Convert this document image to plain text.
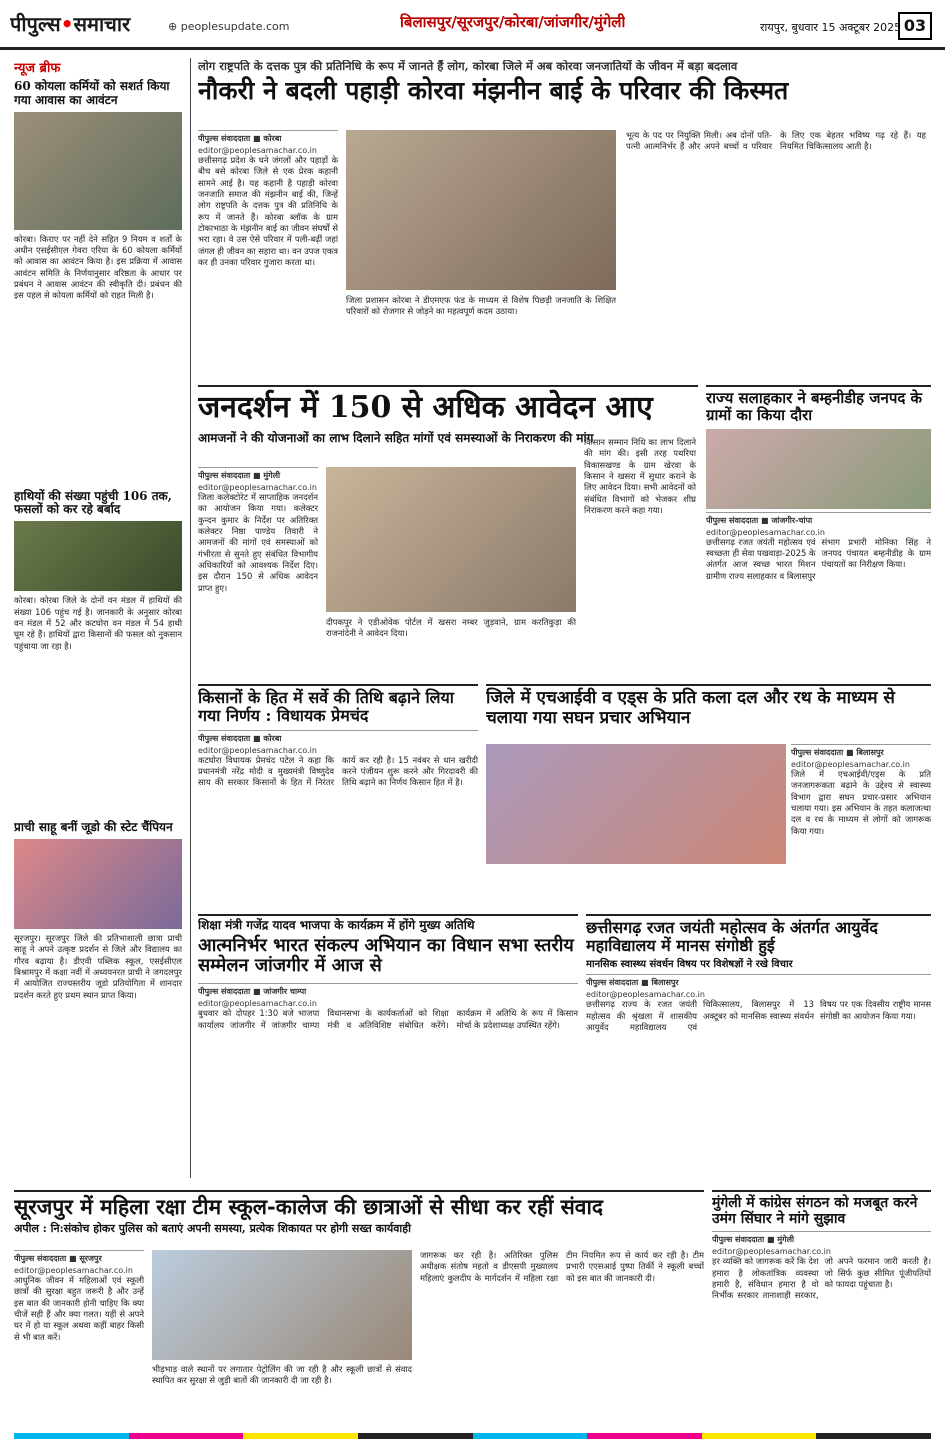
पीपुल्स•समाचार	⊕ peoplesupdate.com	बिलासपुर/सूरजपुर/कोरबा/जांजगीर/मुंगेली	रायपुर, बुधवार 15 अक्टूबर 2025 03
न्यूज ब्रीफ
60 कोयला कर्मियों को सशर्त किया गया आवास का आवंटन
कोरबा। किराए पर नहीं देने सहित 9 नियम व शर्तों के अधीन एसईसीएल गेवरा एरिया के 60 कोयला कर्मियों को आवास का आवंटन किया है। इस प्रक्रिया में आवास आवंटन समिति के निर्णयानुसार वरिष्ठता के आधार पर प्रबंधन ने आवास आवंटन की स्वीकृति दी। प्रबंधन की इस पहल से कोयला कर्मियों को राहत मिली है।
हाथियों की संख्या पहुंची 106 तक, फसलों को कर रहे बर्बाद
कोरबा। कोरबा जिले के दोनों वन मंडल में हाथियों की संख्या 106 पहुंच गई है। जानकारी के अनुसार कोरबा वन मंडल में 52 और कटघोरा वन मंडल में 54 हाथी घूम रहे हैं। हाथियों द्वारा किसानों की फसल को नुकसान पहुंचाया जा रहा है।
प्राची साहू बनीं जूडो की स्टेट चैंपियन
सूरजपुर। सूरजपुर जिले की प्रतिभाशाली छात्रा प्राची साहू ने अपने उत्कृष्ट प्रदर्शन से जिले और विद्यालय का गौरव बढ़ाया है। डीएवी पब्लिक स्कूल, एसईसीएल बिश्रामपुर में कक्षा नवीं में अध्ययनरत प्राची ने जगदलपुर में आयोजित राज्यस्तरीय जूडो प्रतियोगिता में शानदार प्रदर्शन करते हुए प्रथम स्थान प्राप्त किया।
लोग राष्ट्रपति के दत्तक पुत्र की प्रतिनिधि के रूप में जानते हैं लोग, कोरबा जिले में अब कोरवा जनजातियों के जीवन में बड़ा बदलाव
नौकरी ने बदली पहाड़ी कोरवा मंझनीन बाई के परिवार की किस्मत
पीपुल्स संवाददाता ■ कोरबा
editor@peoplesamachar.co.in
छत्तीसगढ़ प्रदेश के घने जंगलों और पहाड़ों के बीच बसे कोरबा जिले से एक प्रेरक कहानी सामने आई है। यह कहानी है पहाड़ी कोरवा जनजाति समाज की मंझनीन बाई की, जिन्हें लोग राष्ट्रपति के दत्तक पुत्र की प्रतिनिधि के रूप में जानते हैं। कोरबा ब्लॉक के ग्राम टोकाभाठा के मंझनीन बाई का जीवन संघर्षों से भरा रहा। वे उस ऐसे परिवार में पली-बढ़ीं जहां जंगल ही जीवन का सहारा था। वन उपज एकत्र कर ही उनका परिवार गुजारा करता था।
जिला प्रशासन कोरबा ने डीएमएफ फंड के माध्यम से विशेष पिछड़ी जनजाति के शिक्षित परिवारों को रोजगार से जोड़ने का महत्वपूर्ण कदम उठाया।
भूत्य के पद पर नियुक्ति मिली। अब दोनों पति-पत्नी आत्मनिर्भर हैं और अपने बच्चों व परिवार के लिए एक बेहतर भविष्य गढ़ रहे हैं। यह नियमित चिकित्सालय आती है।
जनदर्शन में 150 से अधिक आवेदन आए
आमजनों ने की योजनाओं का लाभ दिलाने सहित मांगों एवं समस्याओं के निराकरण की मांग
पीपुल्स संवाददाता ■ मुंगेली
editor@peoplesamachar.co.in
जिला कलेक्टोरेट में साप्ताहिक जनदर्शन का आयोजन किया गया। कलेक्टर कुन्दन कुमार के निर्देश पर अतिरिक्त कलेक्टर निष्ठा पाण्डेय तिवारी ने आमजनों की मांगों एवं समस्याओं को गंभीरता से सुनते हुए संबंधित विभागीय अधिकारियों को आवश्यक निर्देश दिए। इस दौरान 150 से अधिक आवेदन प्राप्त हुए।
दीपकपुर ने एडीओवेक पोर्टल में खसरा नम्बर जुड़वाने, ग्राम करतिकुड़ा की राजनांदेनी ने आवेदन दिया।
किसान सम्मान निधि का लाभ दिलाने की मांग की। इसी तरह पथरिया विकासखण्ड के ग्राम खेरवा के किसान ने खसरा में सुधार कराने के लिए आवेदन दिया। सभी आवेदनों को संबंधित विभागों को भेजकर शीघ्र निराकरण करने कहा गया।
राज्य सलाहकार ने बम्हनीडीह जनपद के ग्रामों का किया दौरा
पीपुल्स संवाददाता ■ जांजगीर-चांपा
editor@peoplesamachar.co.in
छत्तीसगढ़ रजत जयंती महोत्सव एवं स्वच्छता ही सेवा पखवाड़ा-2025 के अंतर्गत आज स्वच्छ भारत मिशन ग्रामीण राज्य सलाहकार व बिलासपुर संभाग प्रभारी मोनिका सिंह ने जनपद पंचायत बम्हनीडीह के ग्राम पंचायतों का निरीक्षण किया।
किसानों के हित में सर्वे की तिथि बढ़ाने लिया गया निर्णय : विधायक प्रेमचंद
पीपुल्स संवाददाता ■ कोरबा
editor@peoplesamachar.co.in
कटघोरा विधायक प्रेमचंद पटेल ने कहा कि प्रधानमंत्री नरेंद्र मोदी व मुख्यमंत्री विष्णुदेव साय की सरकार किसानों के हित में निरंतर कार्य कर रही है। 15 नवंबर से धान खरीदी करने पंजीयन शुरू करने और गिरदावरी की तिथि बढ़ाने का निर्णय किसान हित में है।
जिले में एचआईवी व एड्स के प्रति कला दल और रथ के माध्यम से चलाया गया सघन प्रचार अभियान
पीपुल्स संवाददाता ■ बिलासपुर
editor@peoplesamachar.co.in
जिले में एचआईवी/एड्स के प्रति जनजागरूकता बढ़ाने के उद्देश्य से स्वास्थ्य विभाग द्वारा सघन प्रचार-प्रसार अभियान चलाया गया। इस अभियान के तहत कलाजत्था दल व रथ के माध्यम से लोगों को जागरूक किया गया।
शिक्षा मंत्री गजेंद्र यादव भाजपा के कार्यक्रम में होंगे मुख्य अतिथि
आत्मनिर्भर भारत संकल्प अभियान का विधान सभा स्तरीय सम्मेलन जांजगीर में आज से
पीपुल्स संवाददाता ■ जांजगीर चाम्पा
editor@peoplesamachar.co.in
बुधवार को दोपहर 1:30 बजे भाजपा कार्यालय जांजगीर में जांजगीर चाम्पा विधानसभा के कार्यकर्ताओं को शिक्षा मंत्री व अतिविशिष्ट संबोधित करेंगे। कार्यक्रम में अतिथि के रूप में किसान मोर्चा के प्रदेशाध्यक्ष उपस्थित रहेंगे।
छत्तीसगढ़ रजत जयंती महोत्सव के अंतर्गत आयुर्वेद महाविद्यालय में मानस संगोष्ठी हुई
मानसिक स्वास्थ्य संवर्धन विषय पर विशेषज्ञों ने रखे विचार
पीपुल्स संवाददाता ■ बिलासपुर
editor@peoplesamachar.co.in
छत्तीसगढ़ राज्य के रजत जयंती महोत्सव की श्रृंखला में शासकीय आयुर्वेद महाविद्यालय एवं चिकित्सालय, बिलासपुर में 13 अक्टूबर को मानसिक स्वास्थ्य संवर्धन विषय पर एक दिवसीय राष्ट्रीय मानस संगोष्ठी का आयोजन किया गया।
सूरजपुर में महिला रक्षा टीम स्कूल-कालेज की छात्राओं से सीधा कर रहीं संवाद
अपील : नि:संकोच होकर पुलिस को बताएं अपनी समस्या, प्रत्येक शिकायत पर होगी सख्त कार्यवाही
पीपुल्स संवाददाता ■ सूरजपुर
editor@peoplesamachar.co.in
आधुनिक जीवन में महिलाओं एवं स्कूली छात्रों की सुरक्षा बहुत जरूरी है और उन्हें इस बात की जानकारी होनी चाहिए कि क्या चीजें सही हैं और क्या गलत। यहीं से अपने घर में हो या स्कूल अथवा कहीं बाहर किसी से भी बात करें।
भीड़भाड़ वाले स्थानों पर लगातार पेट्रोलिंग की जा रही है और स्कूली छात्रों से संवाद स्थापित कर सुरक्षा से जुड़ी बातों की जानकारी दी जा रही है।
जागरूक कर रही है। अतिरिक्त पुलिस अधीक्षक संतोष महतो व डीएसपी मुख्यालय महिलाएं कुलदीप के मार्गदर्शन में महिला रक्षा टीम नियमित रूप से कार्य कर रही है। टीम प्रभारी एएसआई पुष्पा तिर्की ने स्कूली बच्चों को इस बात की जानकारी दी।
मुंगेली में कांग्रेस संगठन को मजबूत करने उमंग सिंघार ने मांगे सुझाव
पीपुल्स संवाददाता ■ मुंगेली
editor@peoplesamachar.co.in
हर व्यक्ति को जागरूक करें कि देश हमारा है लोकतांत्रिक व्यवस्था हमारी है, संविधान हमारा है वो निर्भीक सरकार तानाशाही सरकार, जो अपने फरमान जारी करती है। जो सिर्फ कुछ सीमित पूंजीपतियों को फायदा पहुंचाता है।
